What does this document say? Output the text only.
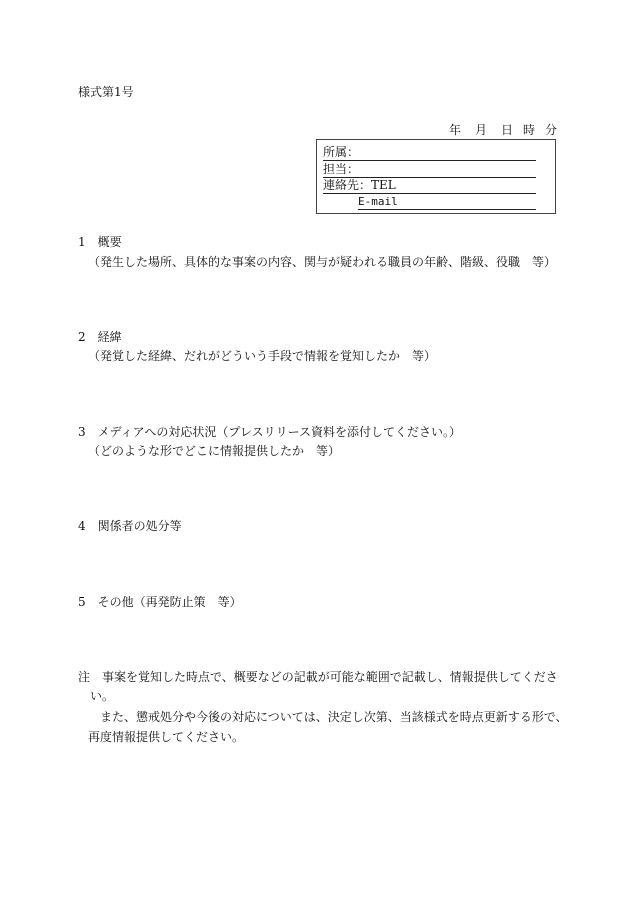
様式第1号
年 月 日 時 分
所属：
担当：
連絡先：TEL
E-mail
1　概要
（発生した場所、具体的な事案の内容、関与が疑われる職員の年齢、階級、役職　等）
2　経緯
（発覚した経緯、だれがどういう手段で情報を覚知したか　等）
3　メディアへの対応状況（プレスリリース資料を添付してください。）
（どのような形でどこに情報提供したか　等）
4　関係者の処分等
5　その他（再発防止策　等）
注　事案を覚知した時点で、概要などの記載が可能な範囲で記載し、情報提供してくださ
い。
また、懲戒処分や今後の対応については、決定し次第、当該様式を時点更新する形で、
再度情報提供してください。
